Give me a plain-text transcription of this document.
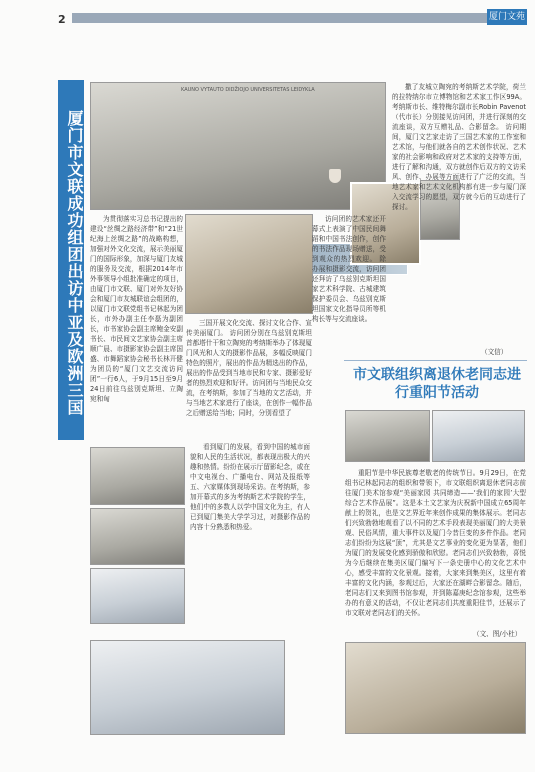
2	厦门文苑
厦门市文联成功组团出访中亚及欧洲三国
KAUNO VYTAUTO DIDŽIOJO UNIVERSITETAS LEIDYKLA

为贯彻落实习总书记提出的建设“丝绸之路经济带”和“21世纪海上丝绸之路”的战略构想，加强对外文化交流，展示美丽厦门的国际形象，加深与厦门友城的服务及交流，根据2014年市外事领导小组批准确定的项目，由厦门市文联、厦门对外友好协会和厦门市友城联谊会组团的，以厦门市文联党组书记林起为团长，市外办副主任李磊为副团长，市书家协会副主席鲍金安副书长、市民间文艺家协会副主席顺广晨、市摄影家协会副主席国盛、市舞蹈家协会秘书长林开健为团员的“厦门文艺交流访问团”一行6人，于9月15日至9月24日前往乌兹别克斯坦、立陶宛和匈

三国开展文化交流、探讨文化合作、宣传美丽厦门。 访问团分别在乌兹别克斯坦首都塔什干和立陶宛的考纳斯举办了体现厦门风光和人文的摄影作品展，多幅反映厦门特色的照片，展出的作品为精选出的作品，展出的作品受到当地市民和专家、摄影爱好者的热烈欢迎和好评。访问团与当地民众交流，在考纳斯，参加了当地的文艺活动，并与当地艺术家进行了座谈，在创作一幅作品之后赠送给当地；同时，分别看望了

访问团的艺术家还开幕式上表演了中国民间舞蹈和中国书法创作，创作的书法作品现场赠送，受到观众的热烈欢迎。 除办展和摄影交流，访问团还拜访了乌兹别克斯坦国家艺术科学院、古城建筑保护委员会、乌兹别克斯坦国家文化指导员所等机构长等与交流座谈。

撒了友城立陶宛的考纳斯艺术学院，荷兰的拉特纳尔市立博物馆和艺术家工作区99A。考纳斯市长、维特梅尔副市长Robin Pavenot（代市长）分别接见访问团，并进行深刻的交流座谈，双方互赠礼品、合影留念。 访问期间，厦门文艺家走访了三国艺术家的工作室和艺术馆，与他们就各自的艺术创作状况、艺术家的社会影响和政府对艺术家的支持等方面，进行了解和沟通，双方就创作后双方的文访采风、创作、办展等方面进行了广泛的交流，当地艺术家和艺术文化机构都有进一步与厦门深入交流学习的愿望，双方就今后的互动进行了探讨。

（文信）

看到厦门的发展，看到中国的城市面貌和人民的生活状况，都表现出极大的兴趣和热情。纷纷在展示厅留影纪念，或在中文电视台、广播电台、网站及报纸等五、六家媒体到现场采访。在考纳斯，参加开幕式的多为考纳斯艺术学院的学生，他们中的多数人以学中国文化为主，有人已到厦门集美大学学习过，对摄影作品的内容十分熟悉和热爱。

市文联组织离退休老同志进行重阳节活动

重阳节是中华民族尊老敬老的传统节日。9月29日，在党组书记林起同志的组织和带领下，市文联组织离退休老同志前往厦门美术馆参观“美丽家园 共同缔造——‘我们的家园’大型综合艺术作品展”。这是本土文艺家为庆祝新中国成立65周年献上的贺礼，也是文艺界近年来创作成果的集体展示。老同志们兴致勃勃地观看了以不同的艺术手段表现美丽厦门的大美景观、民俗风情，重大事件以及厦门今昔巨变的多件作品。老同志们纷纷为这展“顶”，尤其是文艺事业的变化更为显著，他们为厦门的发展变化感到骄傲和欣慰。老同志们兴致勃勃，喜悦为今后继续在集美区厦门编写下一条史册中心的文化艺术中心，感受丰富的文化景观。接着，大家来到集美区，这里有着丰富的文化内涵，参观过后，大家还在湖畔合影留念。随后，老同志们又来到图书馆参观，并到陈嘉庚纪念馆参观，这些举办的有意义的活动，不仅让老同志们共度重阳佳节，还展示了市文联对老同志们的关怀。

（文、图/小杜）
